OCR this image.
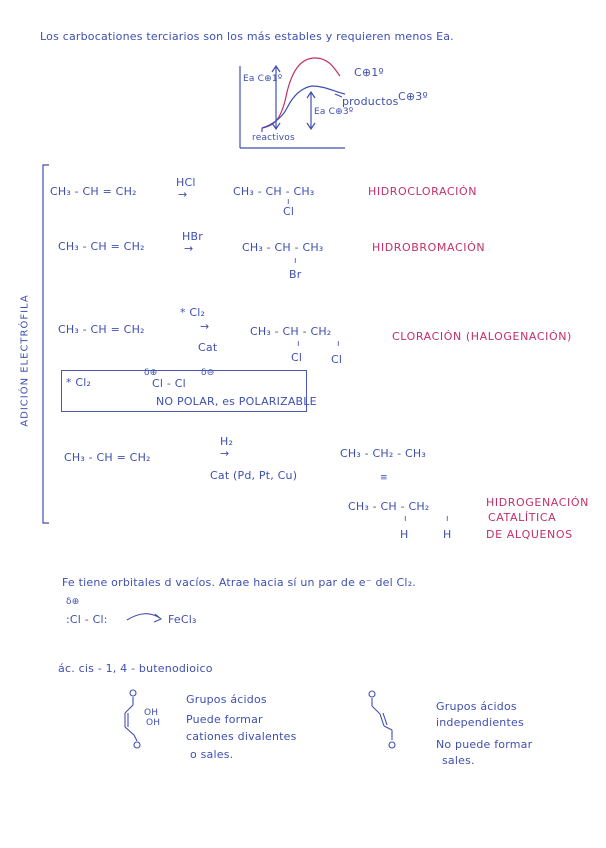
Los carbocationes terciarios son los más estables y requieren menos Ea.
Ea C⊕1º	C⊕1º
Ea C⊕3º
productos C⊕3º
reactivos
ADICIÓN ELECTRÓFILA
CH₃ - CH = CH₂
HCl
→	CH₃ - CH - CH₃
ı
Cl
HIDROCLORACIÓN
CH₃ - CH = CH₂
HBr
→	CH₃ - CH - CH₃
ı
Br
HIDROBROMACIÓN
CH₃ - CH = CH₂
* Cl₂
→
Cat
CH₃ - CH - CH₂
ı	ı
Cl	Cl
CLORACIÓN (HALOGENACIÓN)
* Cl₂
δ⊕
Cl - Cl
δ⊖
NO POLAR, es POLARIZABLE
CH₃ - CH = CH₂
H₂
→
Cat (Pd, Pt, Cu)
CH₃ - CH₂ - CH₃
≡
CH₃ - CH - CH₂
ı	ı
H	H
HIDROGENACIÓN
CATALÍTICA
DE ALQUENOS
Fe tiene orbitales d vacíos. Atrae hacia sí un par de e⁻ del Cl₂.
δ⊕
:Cl - Cl:	FeCl₃
ác. cis - 1, 4 - butenodioico
OH
OH
Grupos ácidos
Puede formar
cationes divalentes
o sales.
Grupos ácidos
independientes
No puede formar
sales.
